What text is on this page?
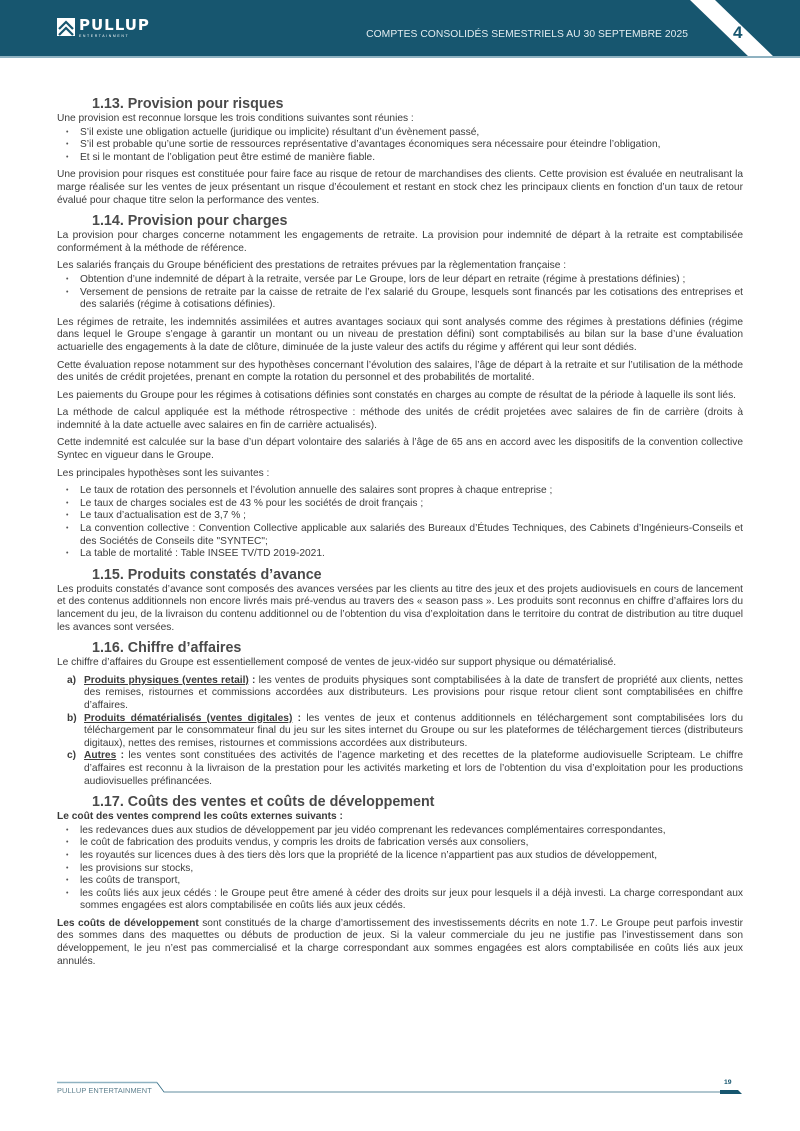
PULLUP
ENTERTAINMENT	COMPTES CONSOLIDÉS SEMESTRIELS AU 30 SEPTEMBRE 2025	4
1.13. Provision pour risques

Une provision est reconnue lorsque les trois conditions suivantes sont réunies :

• S’il existe une obligation actuelle (juridique ou implicite) résultant d’un évènement passé,
• S’il est probable qu’une sortie de ressources représentative d’avantages économiques sera nécessaire pour éteindre l’obligation,
• Et si le montant de l’obligation peut être estimé de manière fiable.

Une provision pour risques est constituée pour faire face au risque de retour de marchandises des clients. Cette provision est évaluée en neutralisant la marge réalisée sur les ventes de jeux présentant un risque d’écoulement et restant en stock chez les principaux clients en fonction d’un taux de retour évalué pour chaque titre selon la performance des ventes.

1.14. Provision pour charges

La provision pour charges concerne notamment les engagements de retraite. La provision pour indemnité de départ à la retraite est comptabilisée conformément à la méthode de référence.

Les salariés français du Groupe bénéficient des prestations de retraites prévues par la règlementation française :

• Obtention d’une indemnité de départ à la retraite, versée par Le Groupe, lors de leur départ en retraite (régime à prestations définies) ;
• Versement de pensions de retraite par la caisse de retraite de l’ex salarié du Groupe, lesquels sont financés par les cotisations des entreprises et des salariés (régime à cotisations définies).

Les régimes de retraite, les indemnités assimilées et autres avantages sociaux qui sont analysés comme des régimes à prestations définies (régime dans lequel le Groupe s’engage à garantir un montant ou un niveau de prestation défini) sont comptabilisés au bilan sur la base d’une évaluation actuarielle des engagements à la date de clôture, diminuée de la juste valeur des actifs du régime y afférent qui leur sont dédiés.

Cette évaluation repose notamment sur des hypothèses concernant l’évolution des salaires, l’âge de départ à la retraite et sur l’utilisation de la méthode des unités de crédit projetées, prenant en compte la rotation du personnel et des probabilités de mortalité.

Les paiements du Groupe pour les régimes à cotisations définies sont constatés en charges au compte de résultat de la période à laquelle ils sont liés.

La méthode de calcul appliquée est la méthode rétrospective : méthode des unités de crédit projetées avec salaires de fin de carrière (droits à indemnité à la date actuelle avec salaires en fin de carrière actualisés).

Cette indemnité est calculée sur la base d’un départ volontaire des salariés à l’âge de 65 ans en accord avec les dispositifs de la convention collective Syntec en vigueur dans le Groupe.

Les principales hypothèses sont les suivantes :

• Le taux de rotation des personnels et l’évolution annuelle des salaires sont propres à chaque entreprise ;
• Le taux de charges sociales est de 43 % pour les sociétés de droit français ;
• Le taux d’actualisation est de 3,7 % ;
• La convention collective : Convention Collective applicable aux salariés des Bureaux d’Études Techniques, des Cabinets d’Ingénieurs-Conseils et des Sociétés de Conseils dite "SYNTEC";
• La table de mortalité : Table INSEE TV/TD 2019-2021.
1.15. Produits constatés d’avance

Les produits constatés d’avance sont composés des avances versées par les clients au titre des jeux et des projets audiovisuels en cours de lancement et des contenus additionnels non encore livrés mais pré-vendus au travers des « season pass ». Les produits sont reconnus en chiffre d’affaires lors du lancement du jeu, de la livraison du contenu additionnel ou de l’obtention du visa d’exploitation dans le territoire du contrat de distribution au titre duquel les avances sont versées.

1.16. Chiffre d’affaires

Le chiffre d’affaires du Groupe est essentiellement composé de ventes de jeux-vidéo sur support physique ou dématérialisé.

a) Produits physiques (ventes retail) : les ventes de produits physiques sont comptabilisées à la date de transfert de propriété aux clients, nettes des remises, ristournes et commissions accordées aux distributeurs. Les provisions pour risque retour client sont comptabilisées en chiffre d’affaires.
b) Produits dématérialisés (ventes digitales) : les ventes de jeux et contenus additionnels en téléchargement sont comptabilisées lors du téléchargement par le consommateur final du jeu sur les sites internet du Groupe ou sur les plateformes de téléchargement tierces (distributeurs digitaux), nettes des remises, ristournes et commissions accordées aux distributeurs.
c) Autres : les ventes sont constituées des activités de l’agence marketing et des recettes de la plateforme audiovisuelle Scripteam. Le chiffre d’affaires est reconnu à la livraison de la prestation pour les activités marketing et lors de l’obtention du visa d’exploitation pour les productions audiovisuelles préfinancées.
1.17. Coûts des ventes et coûts de développement

Le coût des ventes comprend les coûts externes suivants :

• les redevances dues aux studios de développement par jeu vidéo comprenant les redevances complémentaires correspondantes,
• le coût de fabrication des produits vendus, y compris les droits de fabrication versés aux consoliers,
• les royautés sur licences dues à des tiers dès lors que la propriété de la licence n’appartient pas aux studios de développement,
• les provisions sur stocks,
• les coûts de transport,
• les coûts liés aux jeux cédés : le Groupe peut être amené à céder des droits sur jeux pour lesquels il a déjà investi. La charge correspondant aux sommes engagées est alors comptabilisée en coûts liés aux jeux cédés.

Les coûts de développement sont constitués de la charge d’amortissement des investissements décrits en note 1.7. Le Groupe peut parfois investir des sommes dans des maquettes ou débuts de production de jeux. Si la valeur commerciale du jeu ne justifie pas l’investissement dans son développement, le jeu n’est pas commercialisé et la charge correspondant aux sommes engagées est alors comptabilisée en coûts liés aux jeux annulés.

PULLUP ENTERTAINMENT
19
